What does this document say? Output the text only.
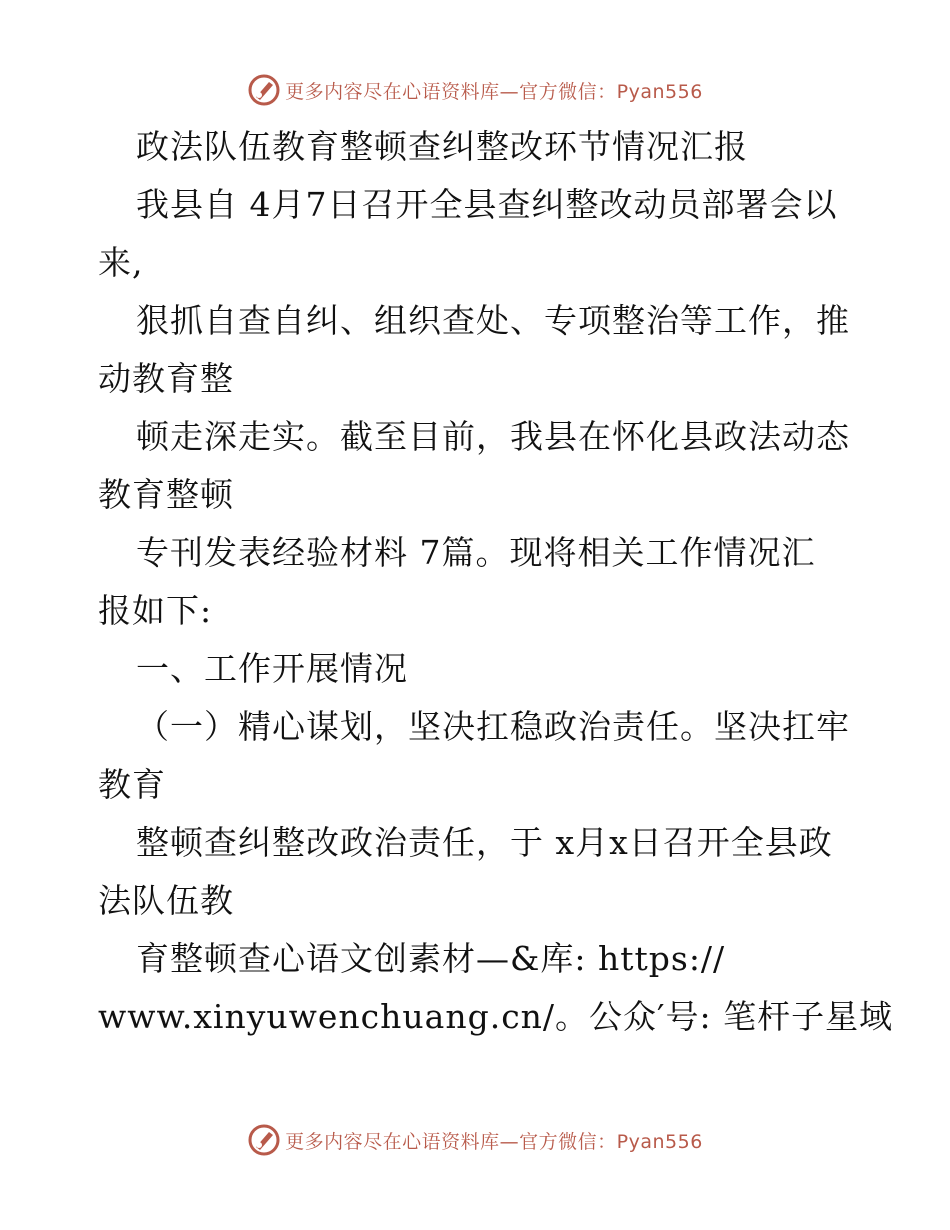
更多内容尽在心语资料库—官方微信：Pyan556
政法队伍教育整顿查纠整改环节情况汇报
我县自 4月7日召开全县查纠整改动员部署会以
来,
狠抓自查自纠、组织查处、专项整治等工作，推
动教育整
顿走深走实。截至目前，我县在怀化县政法动态
教育整顿
专刊发表经验材料 7篇。现将相关工作情况汇
报如下:
一、工作开展情况
（一）精心谋划，坚决扛稳政治责任。坚决扛牢
教育
整顿查纠整改政治责任，于 x月x日召开全县政
法队伍教
育整顿查心语文创素材—&库: https://
www.xinyuwenchuang.cn/。公众′号: 笔杆子星域
更多内容尽在心语资料库—官方微信：Pyan556
